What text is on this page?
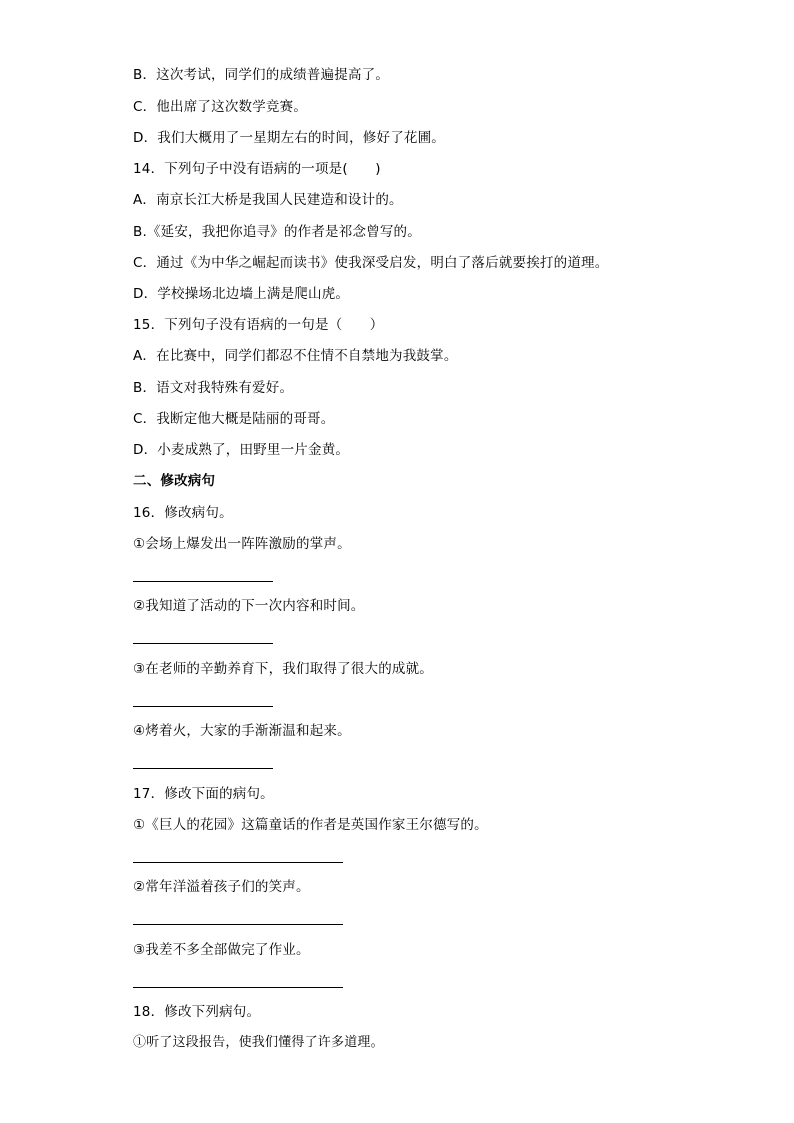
B．这次考试，同学们的成绩普遍提高了。
C．他出席了这次数学竞赛。
D．我们大概用了一星期左右的时间，修好了花圃。
14．下列句子中没有语病的一项是(　　)
A．南京长江大桥是我国人民建造和设计的。
B.《延安，我把你追寻》的作者是祁念曾写的。
C．通过《为中华之崛起而读书》使我深受启发，明白了落后就要挨打的道理。
D．学校操场北边墙上满是爬山虎。
15．下列句子没有语病的一句是（　　）
A．在比赛中，同学们都忍不住情不自禁地为我鼓掌。
B．语文对我特殊有爱好。
C．我断定他大概是陆丽的哥哥。
D．小麦成熟了，田野里一片金黄。
二、修改病句
16．修改病句。
①会场上爆发出一阵阵激励的掌声。
②我知道了活动的下一次内容和时间。
③在老师的辛勤养育下，我们取得了很大的成就。
④烤着火，大家的手渐渐温和起来。
17．修改下面的病句。
①《巨人的花园》这篇童话的作者是英国作家王尔德写的。
②常年洋溢着孩子们的笑声。
③我差不多全部做完了作业。
18．修改下列病句。
①听了这段报告，使我们懂得了许多道理。
